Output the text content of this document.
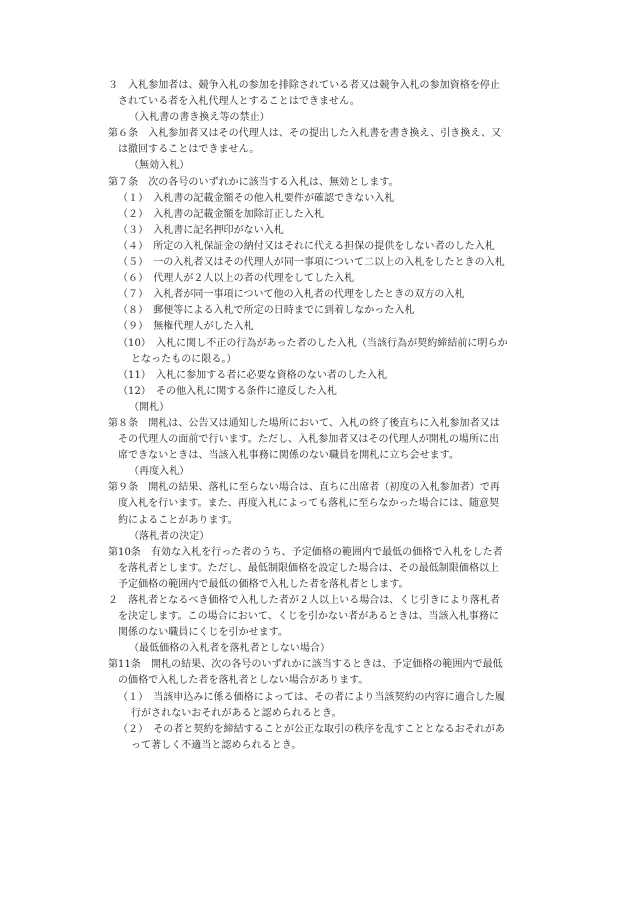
３　入札参加者は、競争入札の参加を排除されている者又は競争入札の参加資格を停止
されている者を入札代理人とすることはできません。
（入札書の書き換え等の禁止）
第６条　入札参加者又はその代理人は、その提出した入札書を書き換え、引き換え、又
は撤回することはできません。
（無効入札）
第７条　次の各号のいずれかに該当する入札は、無効とします。
（１）　入札書の記載金額その他入札要件が確認できない入札
（２）　入札書の記載金額を加除訂正した入札
（３）　入札書に記名押印がない入札
（４）　所定の入札保証金の納付又はそれに代える担保の提供をしない者のした入札
（５）　一の入札者又はその代理人が同一事項について二以上の入札をしたときの入札
（６）　代理人が２人以上の者の代理をしてした入札
（７）　入札者が同一事項について他の入札者の代理をしたときの双方の入札
（８）　郵便等による入札で所定の日時までに到着しなかった入札
（９）　無権代理人がした入札
（10）　入札に関し不正の行為があった者のした入札（当該行為が契約締結前に明らか
となったものに限る。）
（11）　入札に参加する者に必要な資格のない者のした入札
（12）　その他入札に関する条件に違反した入札
（開札）
第８条　開札は、公告又は通知した場所において、入札の終了後直ちに入札参加者又は
その代理人の面前で行います。ただし、入札参加者又はその代理人が開札の場所に出
席できないときは、当該入札事務に関係のない職員を開札に立ち会せます。
（再度入札）
第９条　開札の結果、落札に至らない場合は、直ちに出席者（初度の入札参加者）で再
度入札を行います。また、再度入札によっても落札に至らなかった場合には、随意契
約によることがあります。
（落札者の決定）
第10条　有効な入札を行った者のうち、予定価格の範囲内で最低の価格で入札をした者
を落札者とします。ただし、最低制限価格を設定した場合は、その最低制限価格以上
予定価格の範囲内で最低の価格で入札した者を落札者とします。
２　落札者となるべき価格で入札した者が２人以上いる場合は、くじ引きにより落札者
を決定します。この場合において、くじを引かない者があるときは、当該入札事務に
関係のない職員にくじを引かせます。
（最低価格の入札者を落札者としない場合）
第11条　開札の結果、次の各号のいずれかに該当するときは、予定価格の範囲内で最低
の価格で入札した者を落札者としない場合があります。
（１）　当該申込みに係る価格によっては、その者により当該契約の内容に適合した履
行がされないおそれがあると認められるとき。
（２）　その者と契約を締結することが公正な取引の秩序を乱すこととなるおそれがあ
って著しく不適当と認められるとき。
